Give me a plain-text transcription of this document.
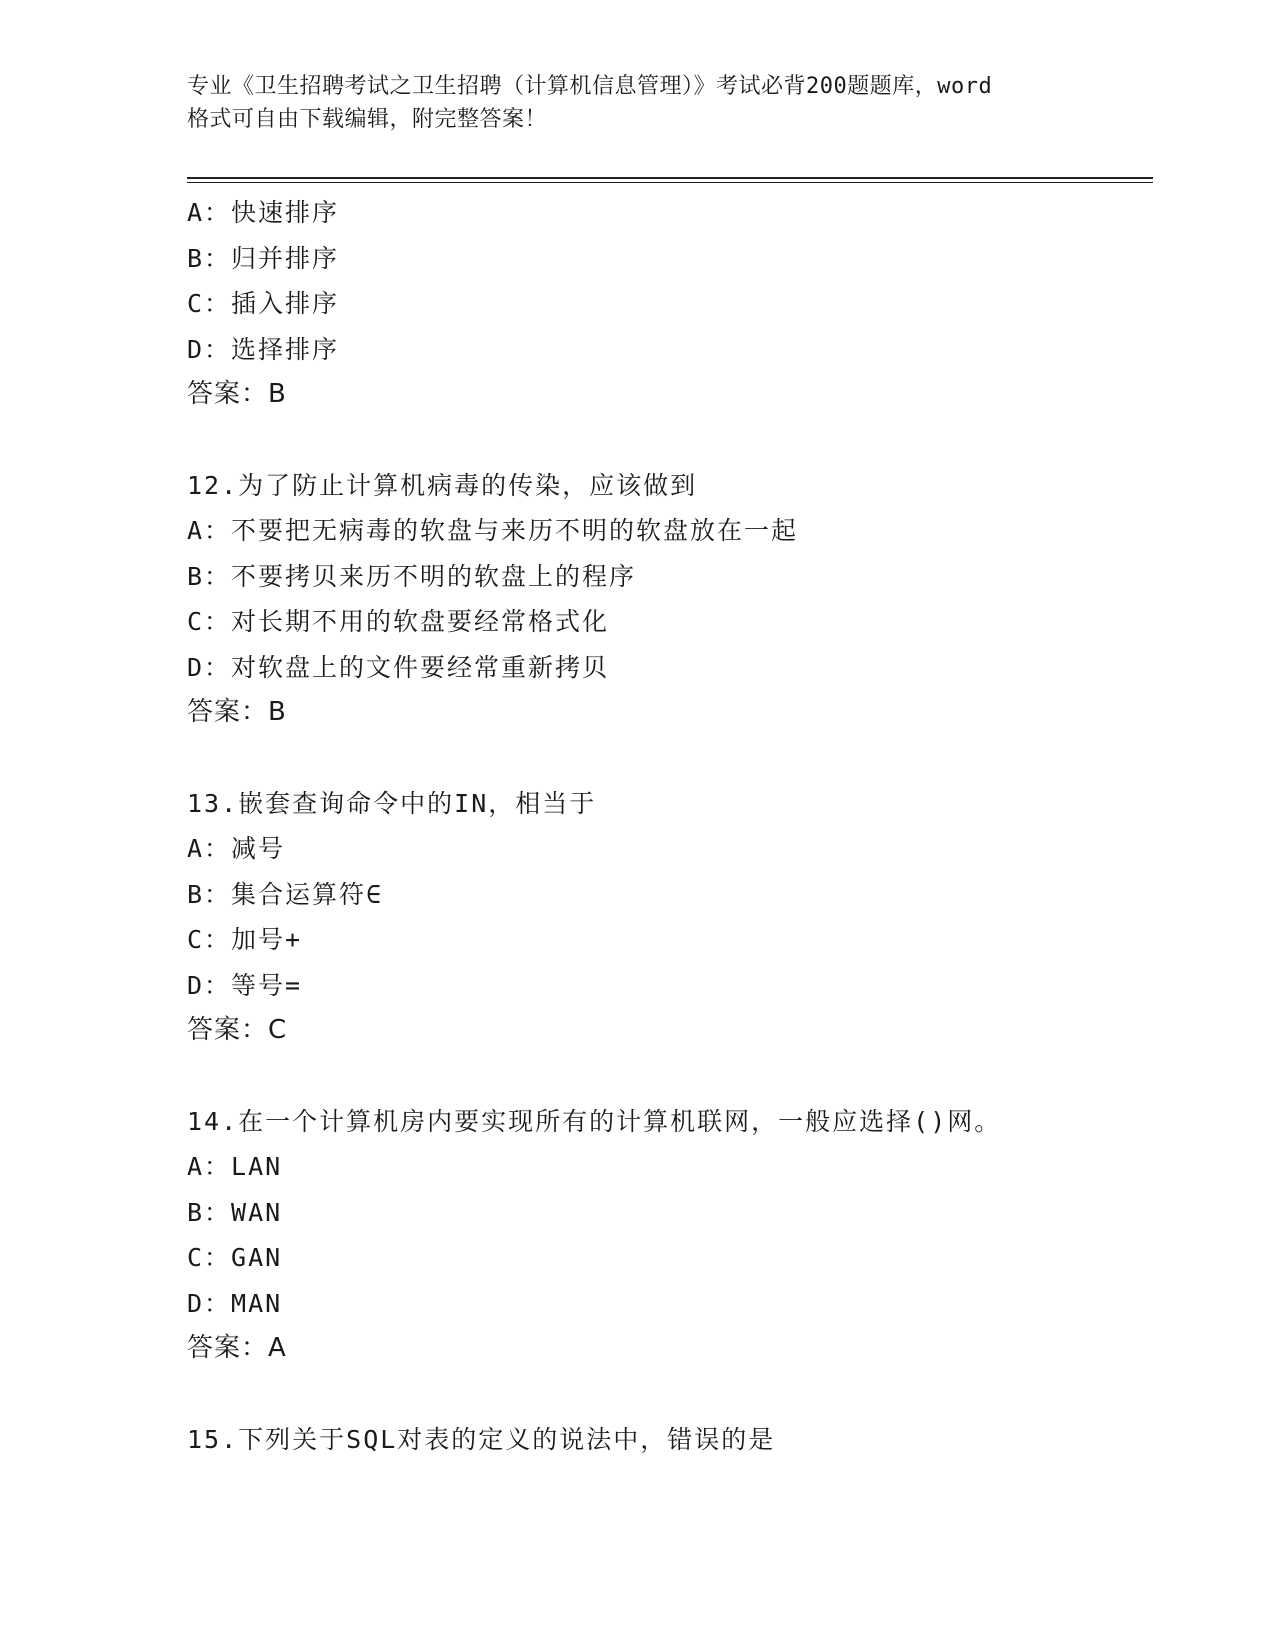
专业《卫生招聘考试之卫生招聘（计算机信息管理）》考试必背200题题库，word
格式可自由下载编辑，附完整答案！
A：快速排序
B：归并排序
C：插入排序
D：选择排序
答案：B
12.为了防止计算机病毒的传染，应该做到
A：不要把无病毒的软盘与来历不明的软盘放在一起
B：不要拷贝来历不明的软盘上的程序
C：对长期不用的软盘要经常格式化
D：对软盘上的文件要经常重新拷贝
答案：B
13.嵌套查询命令中的IN，相当于
A：减号
B：集合运算符∈
C：加号+
D：等号=
答案：C
14.在一个计算机房内要实现所有的计算机联网，一般应选择()网。
A：LAN
B：WAN
C：GAN
D：MAN
答案：A
15.下列关于SQL对表的定义的说法中，错误的是
